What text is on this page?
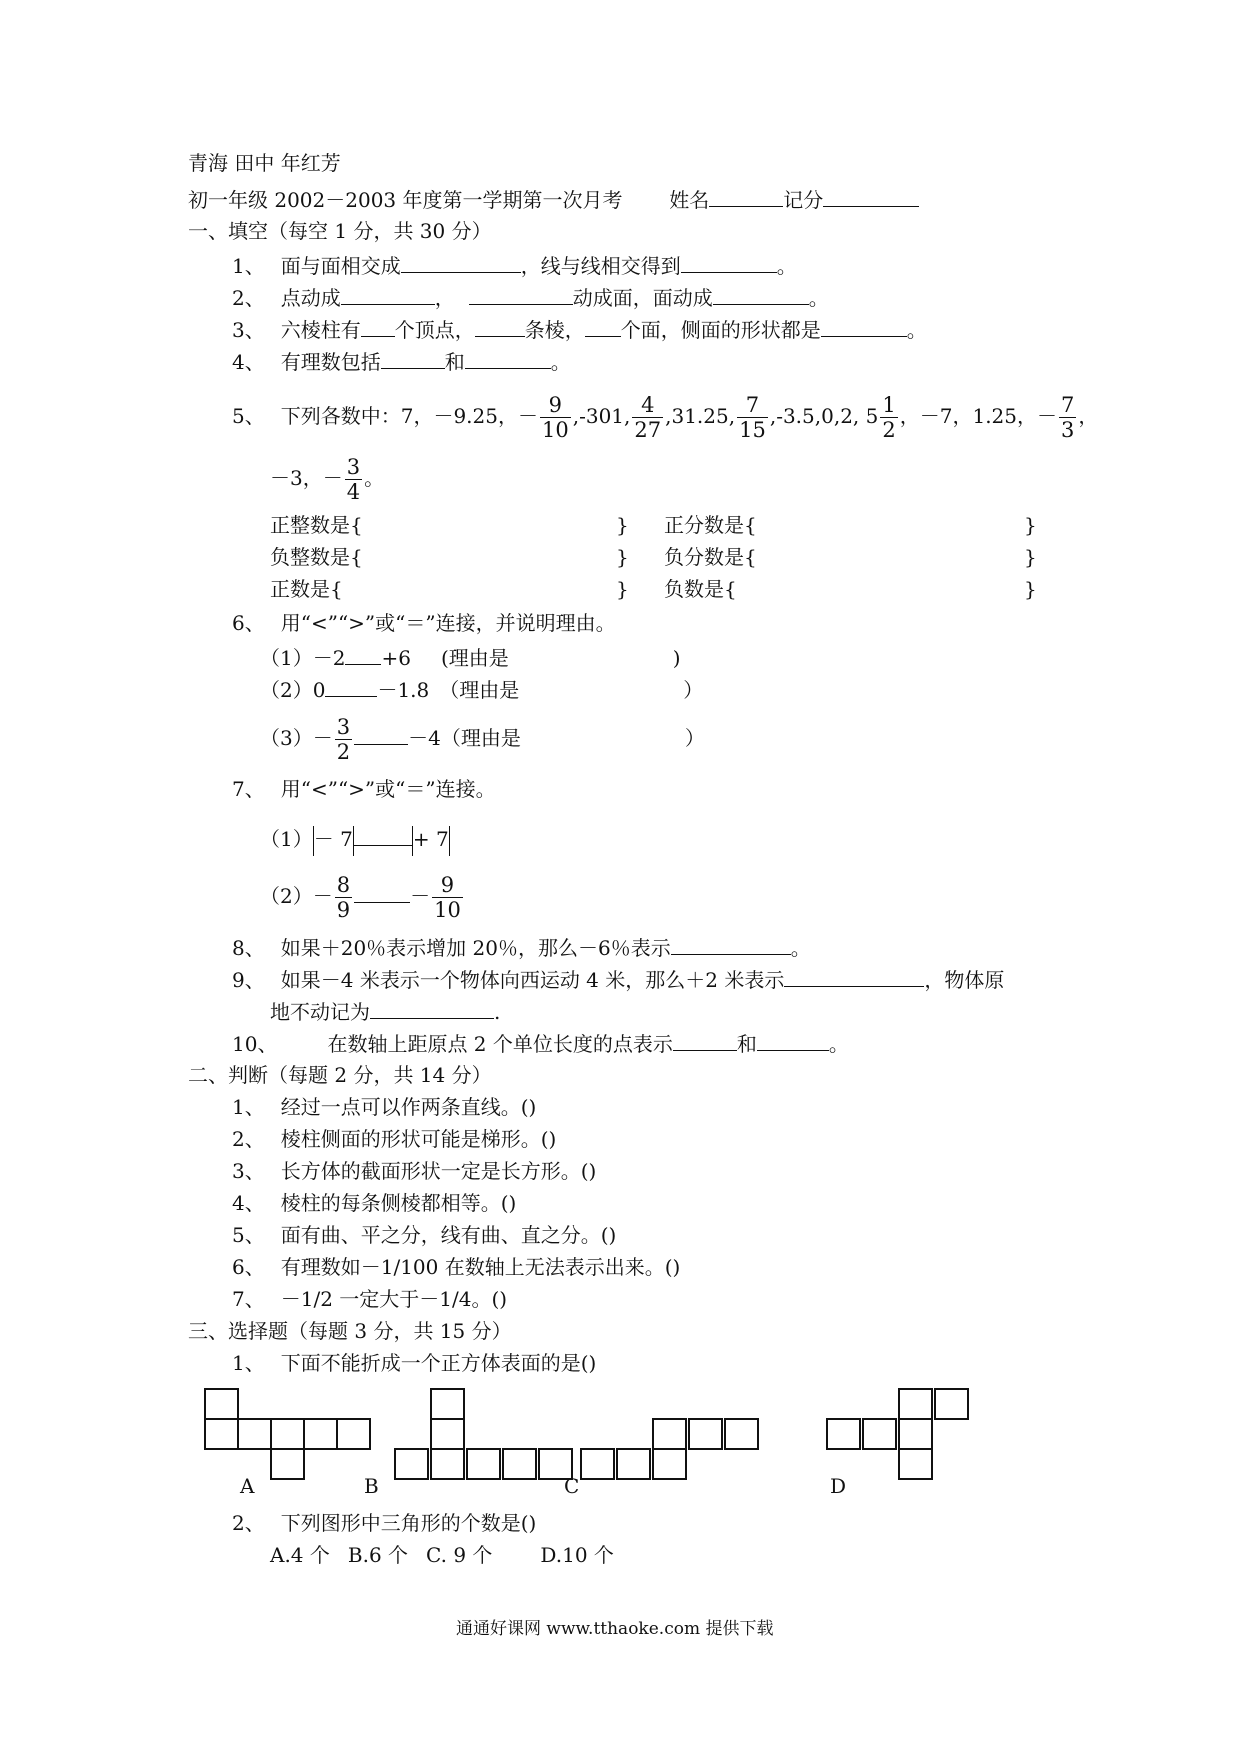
青海 田中 年红芳
初一年级 2002－2003 年度第一学期第一次月考 姓名	记分
一、填空（每空 1 分，共 30 分）
1、 面与面相交成	，线与线相交得到	。
2、 点动成	，	动成面，面动成	。
3、 六棱柱有 个顶点，	条棱， 个面，侧面的形状都是	。
4、 有理数包括	和	。
5、 下列各数中：7，－9.25，－ $\frac{9}{10} ,-301$, $\frac{4}{27} ,31.25$, $\frac{7}{15} ,-3.5,0,2$, $5 \frac{1}{2}$ ，－7，1.25，－ $\frac{7}{3}$ ，
－3，－ $\frac{3}{4}$ 。
正整数是{	} 正分数是{	}
负整数是{	} 负分数是{	}
正数是{	} 负数是{	}
6、 用“<”“>”或“＝”连接，并说明理由。
（1）－2 +6 (理由是	)
（2）0	－1.8 （理由是	）
$(3)- \frac{3}{2}$	－4（理由是	）
7、 用“<”“>”或“＝”连接。
（1）－ 7	+ 7
$(2)- \frac{8}{9}$	－ $\frac{9}{10}$
8、 如果＋20％表示增加 20％，那么－6％表示	。
9、 如果－4 米表示一个物体向西运动 4 米，那么＋2 米表示	，物体原
地不动记为	.
10、	在数轴上距原点 2 个单位长度的点表示	和	。
二、判断（每题 2 分，共 14 分）
1、 经过一点可以作两条直线。()
2、 棱柱侧面的形状可能是梯形。()
3、 长方体的截面形状一定是长方形。()
4、 棱柱的每条侧棱都相等。()
5、 面有曲、平之分，线有曲、直之分。()
6、 有理数如－1/100 在数轴上无法表示出来。()
7、 －1/2 一定大于－1/4。()
三、选择题（每题 3 分，共 15 分）
1、 下面不能折成一个正方体表面的是()
A	B	C	D
2、 下列图形中三角形的个数是()
A.4 个 B.6 个 C. 9 个 D.10 个
通通好课网 www.tthaoke.com 提供下载
